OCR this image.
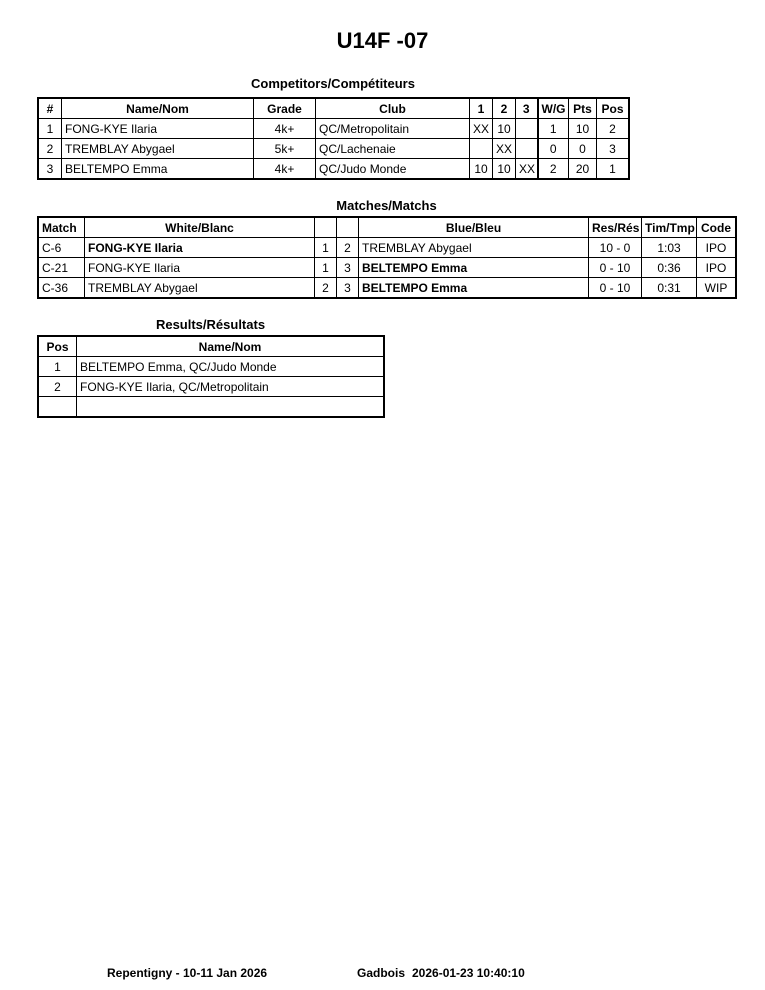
U14F -07
Competitors/Compétiteurs
#	Name/Nom	Grade	Club	1	2	3	W/G	Pts	Pos
1	FONG-KYE Ilaria	4k+	QC/Metropolitain	XX	10		1	10	2
2	TREMBLAY Abygael	5k+	QC/Lachenaie		XX		0	0	3
3	BELTEMPO Emma	4k+	QC/Judo Monde	10	10	XX	2	20	1
Matches/Matchs
Match	White/Blanc			Blue/Bleu	Res/Rés	Tim/Tmp	Code
C-6	FONG-KYE Ilaria	1	2	TREMBLAY Abygael	10 - 0	1:03	IPO
C-21	FONG-KYE Ilaria	1	3	BELTEMPO Emma	0 - 10	0:36	IPO
C-36	TREMBLAY Abygael	2	3	BELTEMPO Emma	0 - 10	0:31	WIP
Results/Résultats
Pos	Name/Nom
1	BELTEMPO Emma, QC/Judo Monde
2	FONG-KYE Ilaria, QC/Metropolitain

Repentigny - 10-11 Jan 2026	Gadbois 2026-01-23 10:40:10
